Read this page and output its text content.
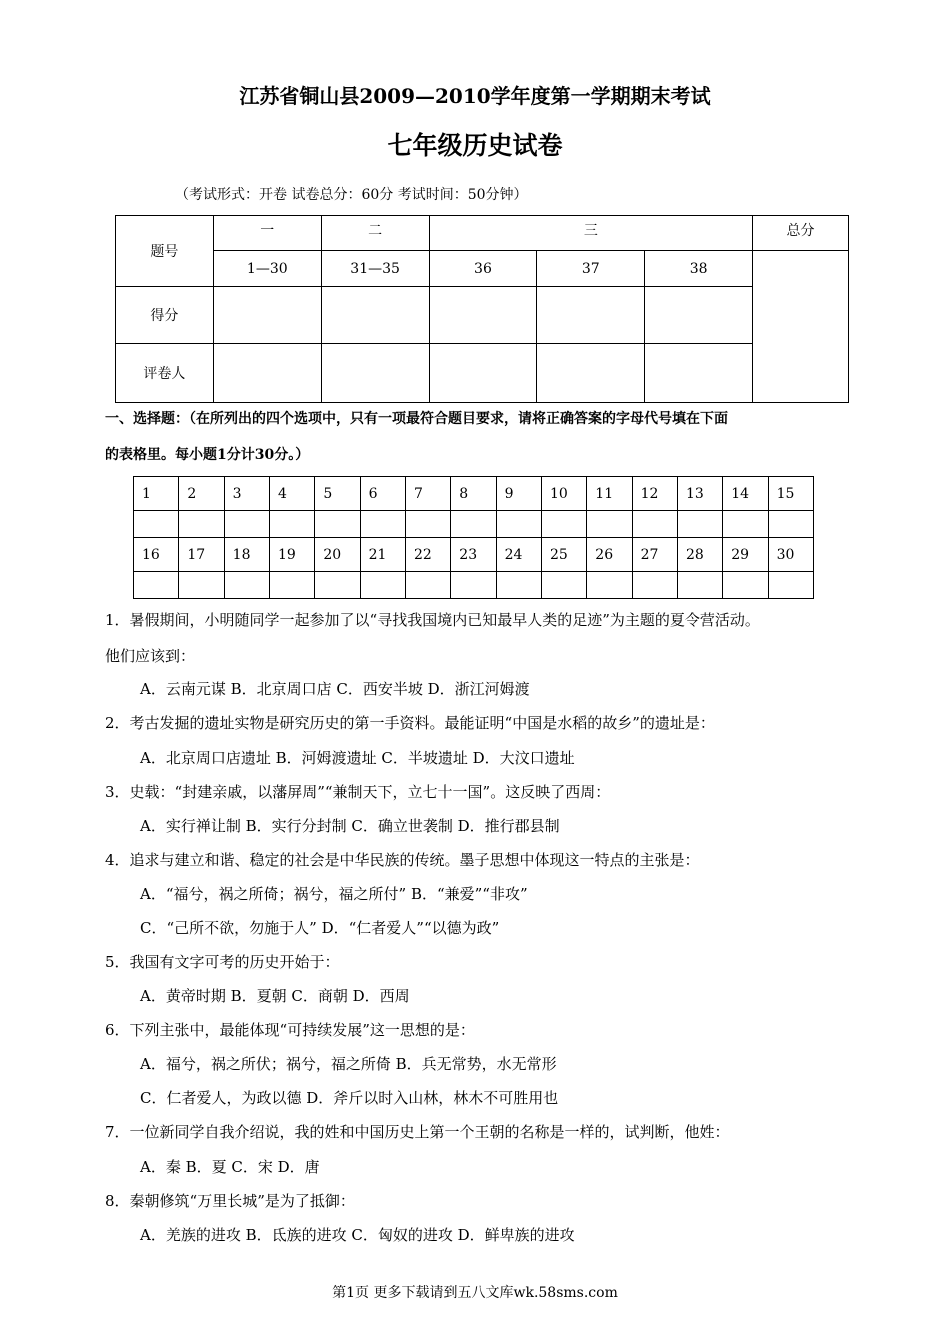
江苏省铜山县2009—2010学年度第一学期期末考试
七年级历史试卷
（考试形式：开卷 试卷总分：60分 考试时间：50分钟）
题号	一	二	三			总分
	1—30	31—35	36	37	38	
得分						
评卷人						
一、选择题：（在所列出的四个选项中，只有一项最符合题目要求，请将正确答案的字母代号填在下面
的表格里。每小题1分计30分。）
1	2	3	4	5	6	7	8	9	10	11	12	13	14	15

16	17	18	19	20	21	22	23	24	25	26	27	28	29	30

1．暑假期间，小明随同学一起参加了以“寻找我国境内已知最早人类的足迹”为主题的夏令营活动。
他们应该到：
A．云南元谋 B．北京周口店 C．西安半坡 D．浙江河姆渡
2．考古发掘的遗址实物是研究历史的第一手资料。最能证明“中国是水稻的故乡”的遗址是：
A．北京周口店遗址 B．河姆渡遗址 C．半坡遗址 D．大汶口遗址
3．史载：“封建亲戚，以藩屏周”“兼制天下，立七十一国”。这反映了西周：
A．实行禅让制 B．实行分封制 C．确立世袭制 D．推行郡县制
4．追求与建立和谐、稳定的社会是中华民族的传统。墨子思想中体现这一特点的主张是：
A．“福兮，祸之所倚；祸兮，福之所付” B．“兼爱”“非攻”
C．“己所不欲，勿施于人” D．“仁者爱人”“以德为政”
5．我国有文字可考的历史开始于：
A．黄帝时期 B．夏朝 C．商朝 D．西周
6．下列主张中，最能体现“可持续发展”这一思想的是：
A．福兮，祸之所伏；祸兮，福之所倚 B．兵无常势，水无常形
C．仁者爱人，为政以德 D．斧斤以时入山林，林木不可胜用也
7．一位新同学自我介绍说，我的姓和中国历史上第一个王朝的名称是一样的，试判断，他姓：
A．秦 B．夏 C．宋 D．唐
8．秦朝修筑“万里长城”是为了抵御：
A．羌族的进攻 B．氐族的进攻 C．匈奴的进攻 D．鲜卑族的进攻
第1页 更多下载请到五八文库wk.58sms.com
